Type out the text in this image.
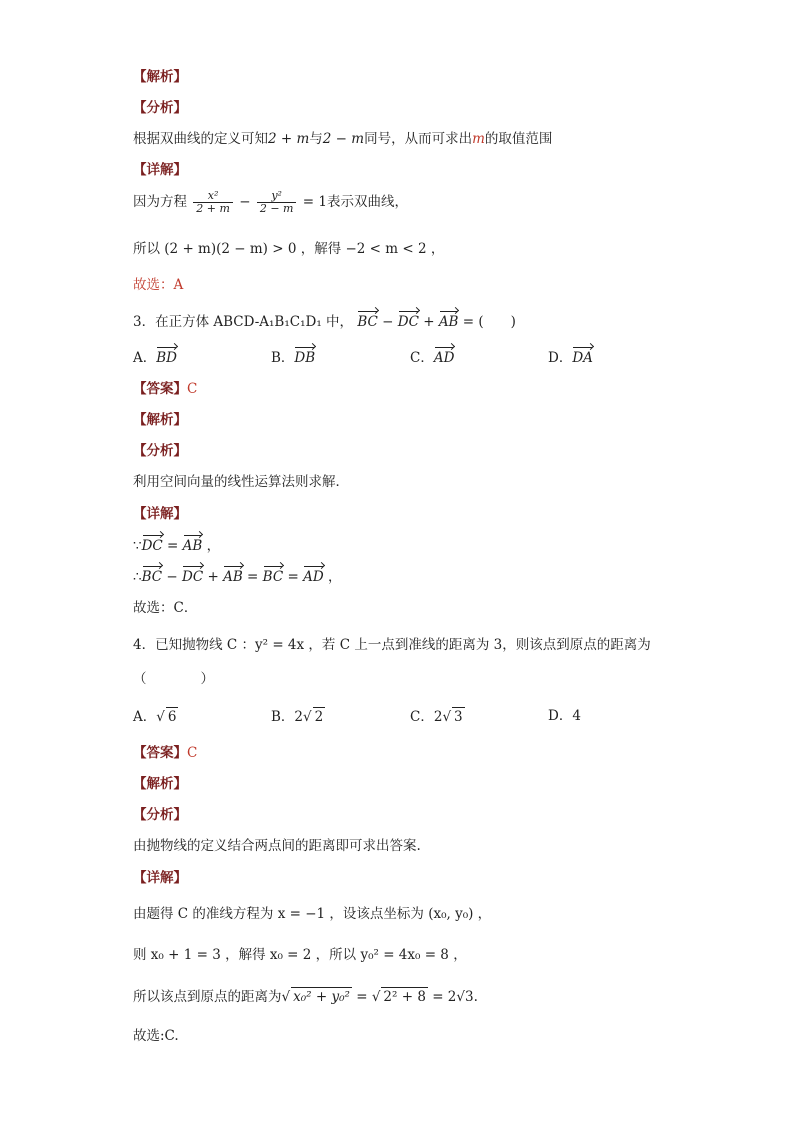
【解析】
【分析】
根据双曲线的定义可知2 + m与2 − m同号，从而可求出m的取值范围
【详解】
因为方程 $\frac{\text{x²}}{2 + m} - \frac{\text{y²}}{2 - m} = 1$表示双曲线，
所以 (2 + m)(2 − m) > 0 ，解得 −2 < m < 2 ，
故选：A
3．在正方体 ABCD-A₁B₁C₁D₁ 中， BC − DC + AB = (　　)
A．BD	B．DB	C．AD	D．DA
【答案】C
【解析】
【分析】
利用空间向量的线性运算法则求解．
【详解】
∵DC = AB ，
∴BC − DC + AB = BC = AD ，
故选：C．
4．已知抛物线 C ：y² = 4x ，若 C 上一点到准线的距离为 3，则该点到原点的距离为
（　　　　）
A．√ 6	B．2√ 2	C．2√ 3	D．4
【答案】C
【解析】
【分析】
由抛物线的定义结合两点间的距离即可求出答案.
【详解】
由题得 C 的准线方程为 x = −1 ，设该点坐标为 (x₀, y₀) ，
则 x₀ + 1 = 3 ，解得 x₀ = 2 ，所以 y₀² = 4x₀ = 8 ，
所以该点到原点的距离为√ x₀² + y₀² = √ 2² + 8 = 2√3.
故选:C.
